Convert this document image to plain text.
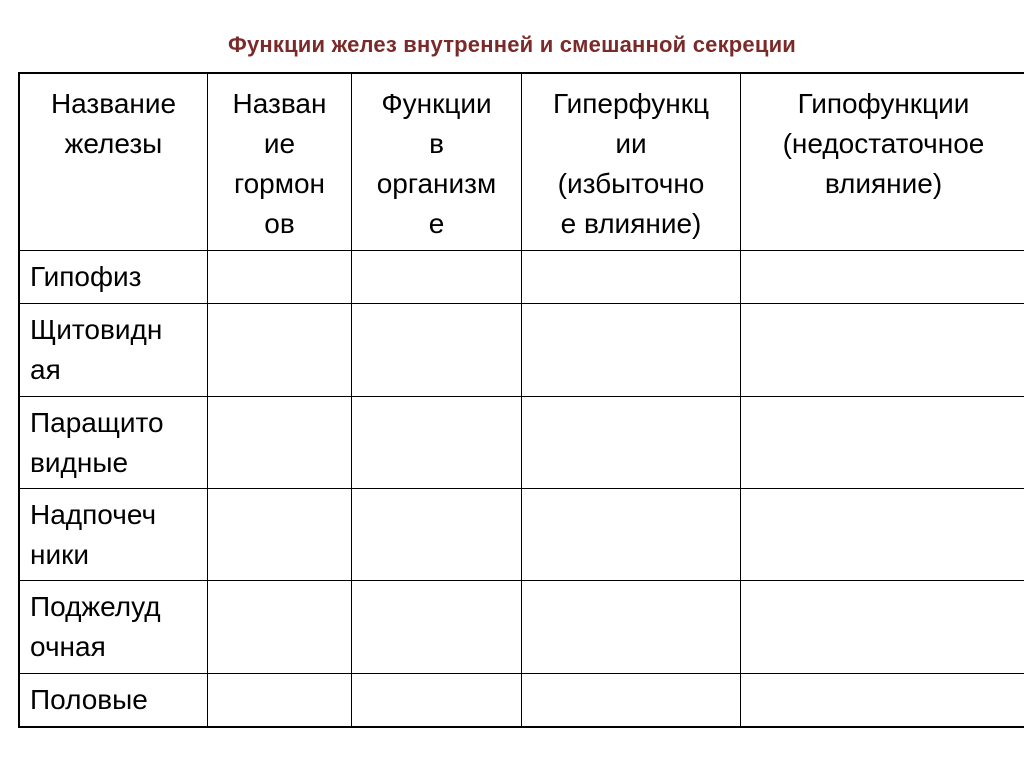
Функции желез внутренней и смешанной секреции
Название
железы
Назван
ие
гормон
ов
Функции
в
организм
е
Гиперфункц
ии
(избыточно
е влияние)
Гипофункции
(недостаточное
влияние)
Гипофиз
Щитовидн
ая
Паращито
видные
Надпочеч
ники
Поджелуд
очная
Половые
